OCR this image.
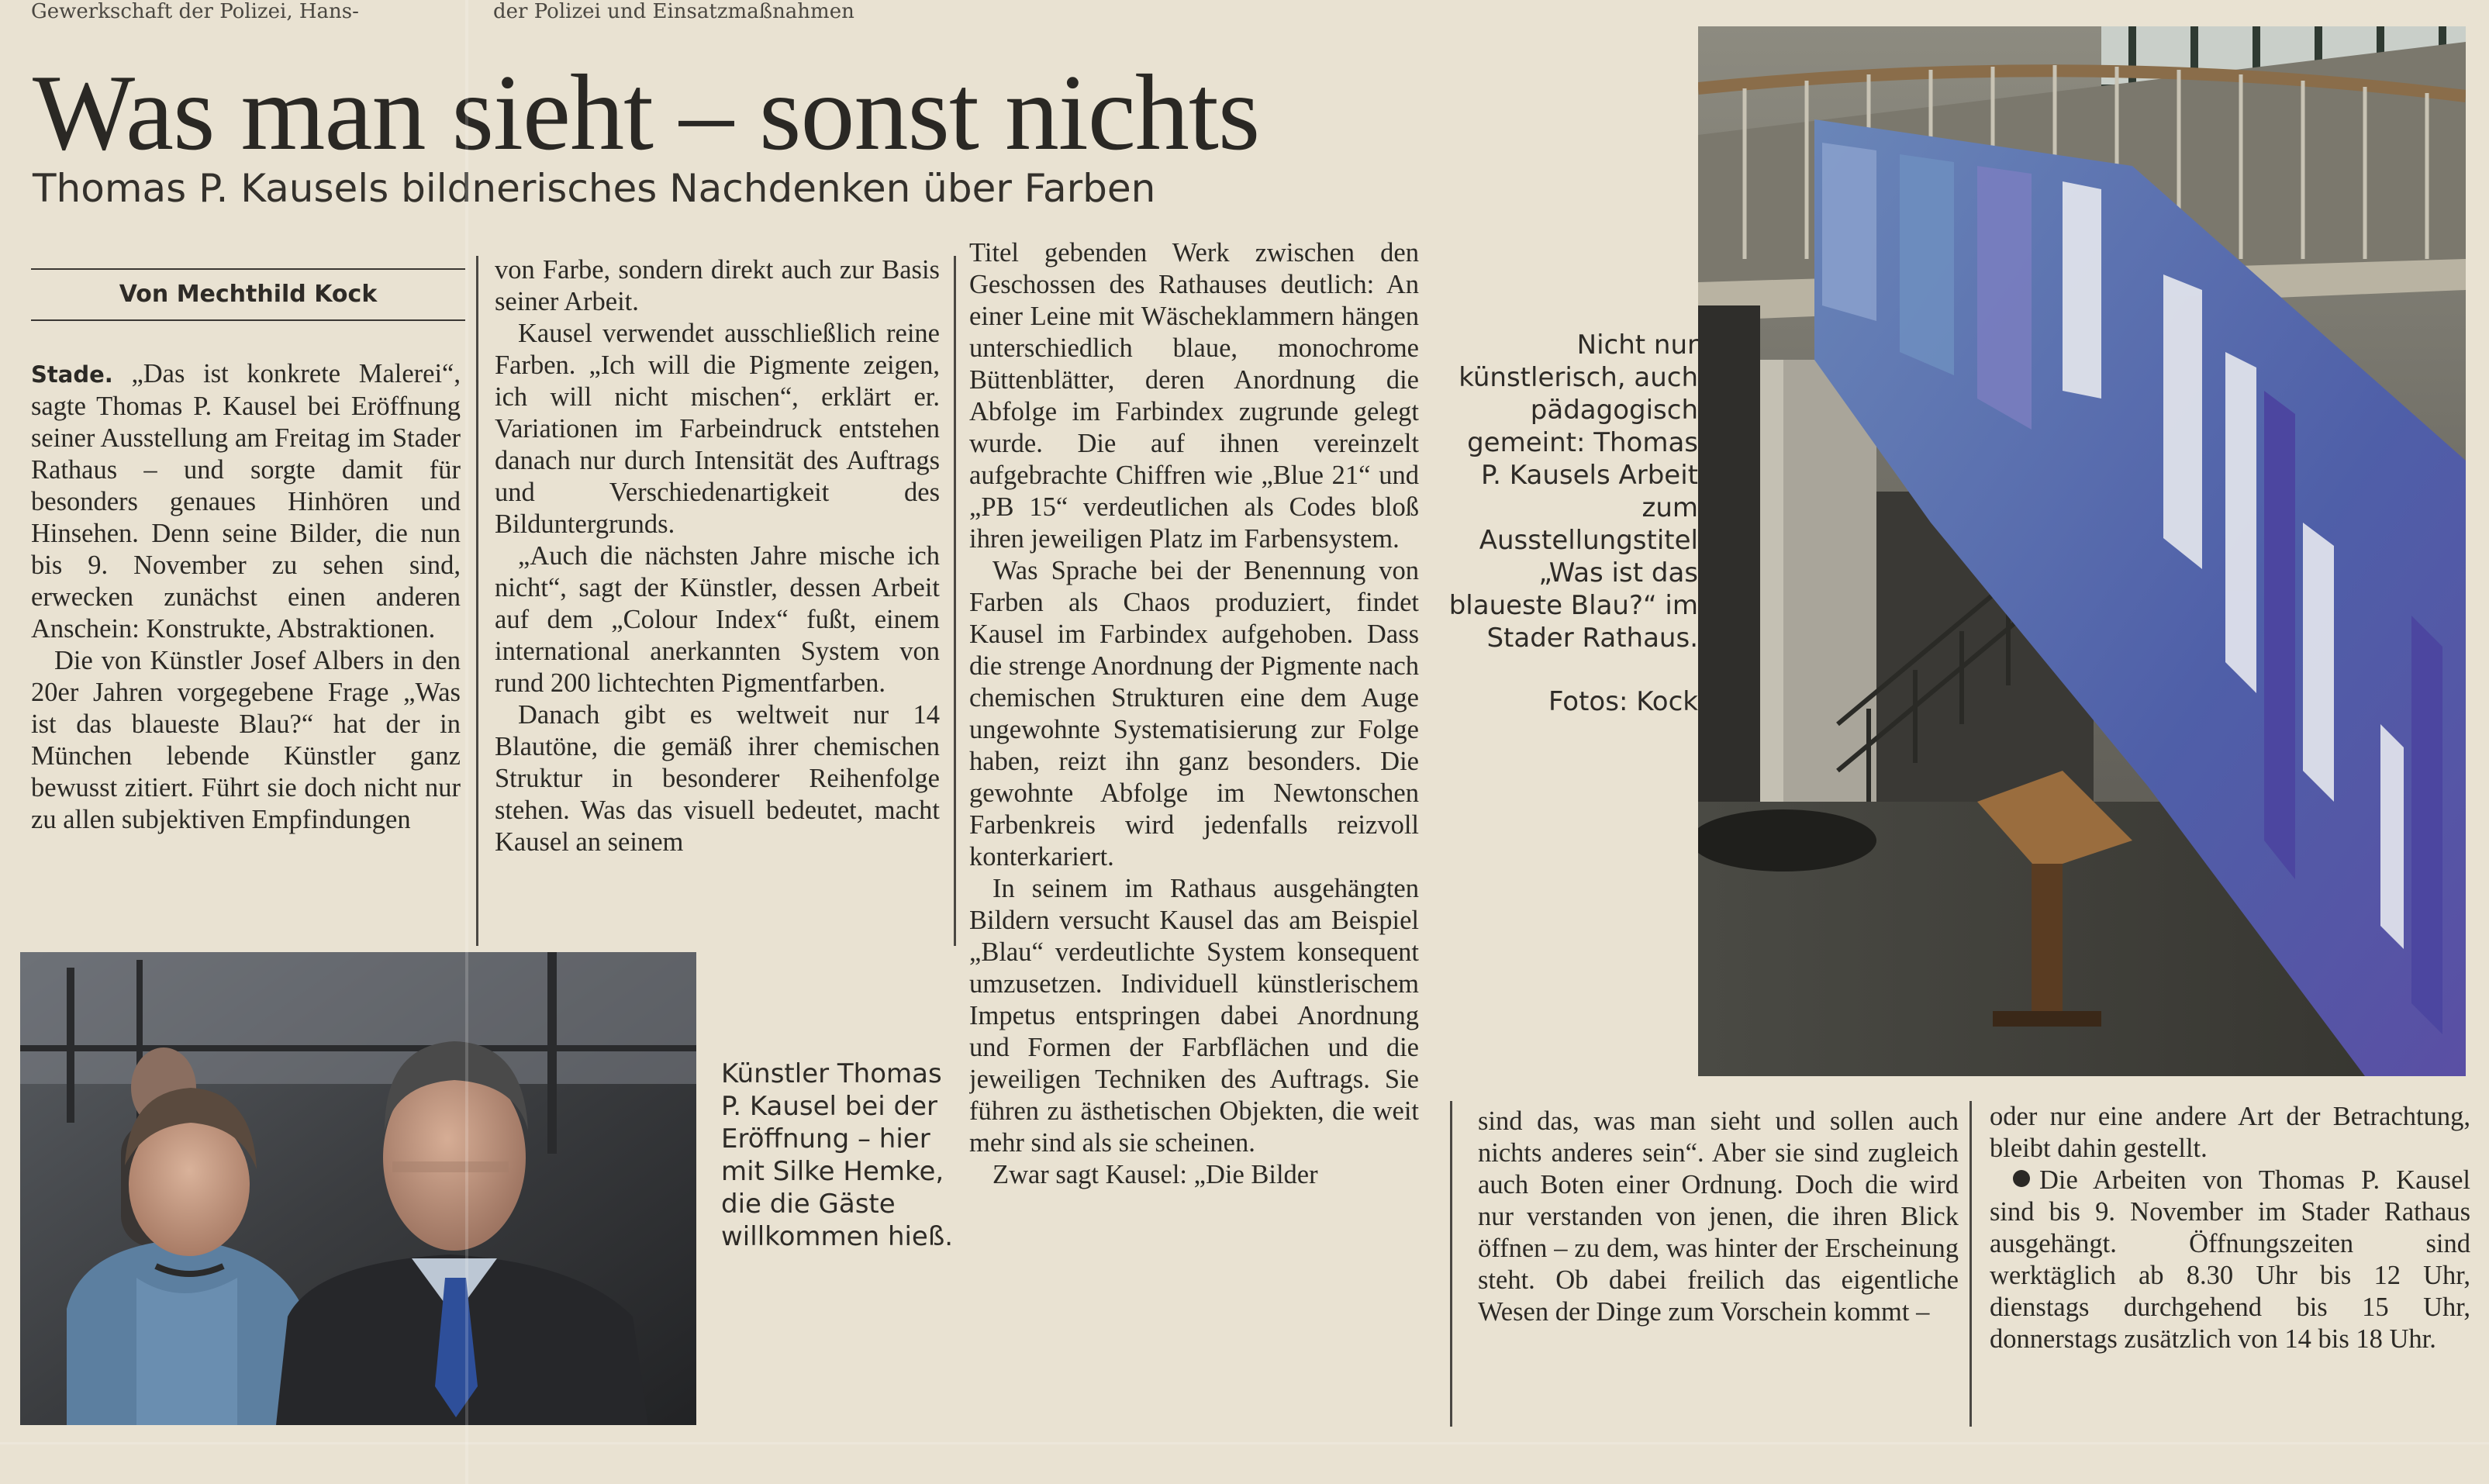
Gewerkschaft der Polizei, Hans-	der Polizei und Einsatzmaßnahmen
Was man sieht – sonst nichts
Thomas P. Kausels bildnerisches Nachdenken über Farben
Von Mechthild Kock

Stade. „Das ist konkrete Malerei“, sagte Thomas P. Kausel bei Eröffnung seiner Ausstellung am Freitag im Stader Rathaus – und sorgte damit für besonders genaues Hinhören und Hinsehen. Denn seine Bilder, die nun bis 9. November zu sehen sind, erwecken zunächst einen anderen Anschein: Konstrukte, Abstraktionen.

Die von Künstler Josef Albers in den 20er Jahren vorgegebene Frage „Was ist das blaueste Blau?“ hat der in München lebende Künstler ganz bewusst zitiert. Führt sie doch nicht nur zu allen subjektiven Empfindungen

von Farbe, sondern direkt auch zur Basis seiner Arbeit.

Kausel verwendet ausschließlich reine Farben. „Ich will die Pigmente zeigen, ich will nicht mischen“, erklärt er. Variationen im Farbeindruck entstehen danach nur durch Intensität des Auftrags und Verschiedenartigkeit des Bilduntergrunds.

„Auch die nächsten Jahre mische ich nicht“, sagt der Künstler, dessen Arbeit auf dem „Colour Index“ fußt, einem international anerkannten System von rund 200 lichtechten Pigmentfarben.

Danach gibt es weltweit nur 14 Blautöne, die gemäß ihrer chemischen Struktur in besonderer Reihenfolge stehen. Was das visuell bedeutet, macht Kausel an seinem

Titel gebenden Werk zwischen den Geschossen des Rathauses deutlich: An einer Leine mit Wäscheklammern hängen unterschiedlich blaue, monochrome Büttenblätter, deren Anordnung die Abfolge im Farbindex zugrunde gelegt wurde. Die auf ihnen vereinzelt aufgebrachte Chiffren wie „Blue 21“ und „PB 15“ verdeutlichen als Codes bloß ihren jeweiligen Platz im Farbensystem.

Was Sprache bei der Benennung von Farben als Chaos produziert, findet Kausel im Farbindex aufgehoben. Dass die strenge Anordnung der Pigmente nach chemischen Strukturen eine dem Auge ungewohnte Systematisierung zur Folge haben, reizt ihn ganz besonders. Die gewohnte Abfolge im Newtonschen Farbenkreis wird jedenfalls reizvoll konterkariert.

In seinem im Rathaus ausgehängten Bildern versucht Kausel das am Beispiel „Blau“ verdeutlichte System konsequent umzusetzen. Individuell künstlerischem Impetus entspringen dabei Anordnung und Formen der Farbflächen und die jeweiligen Techniken des Auftrags. Sie führen zu ästhetischen Objekten, die weit mehr sind als sie scheinen.

Zwar sagt Kausel: „Die Bilder

sind das, was man sieht und sollen auch nichts anderes sein“. Aber sie sind zugleich auch Boten einer Ordnung. Doch die wird nur verstanden von jenen, die ihren Blick öffnen – zu dem, was hinter der Erscheinung steht. Ob dabei freilich das eigentliche Wesen der Dinge zum Vorschein kommt –

oder nur eine andere Art der Betrachtung, bleibt dahin gestellt.

Die Arbeiten von Thomas P. Kausel sind bis 9. November im Stader Rathaus ausgehängt. Öffnungszeiten sind werktäglich ab 8.30 Uhr bis 12 Uhr, dienstags durchgehend bis 15 Uhr, donnerstags zusätzlich von 14 bis 18 Uhr.

Künstler Thomas P. Kausel bei der Eröffnung – hier mit Silke Hemke, die die Gäste willkommen hieß.
Nicht nur künstlerisch, auch pädagogisch gemeint: Thomas P. Kausels Arbeit zum Ausstellungstitel „Was ist das blaueste Blau?“ im Stader Rathaus.
Fotos: Kock
